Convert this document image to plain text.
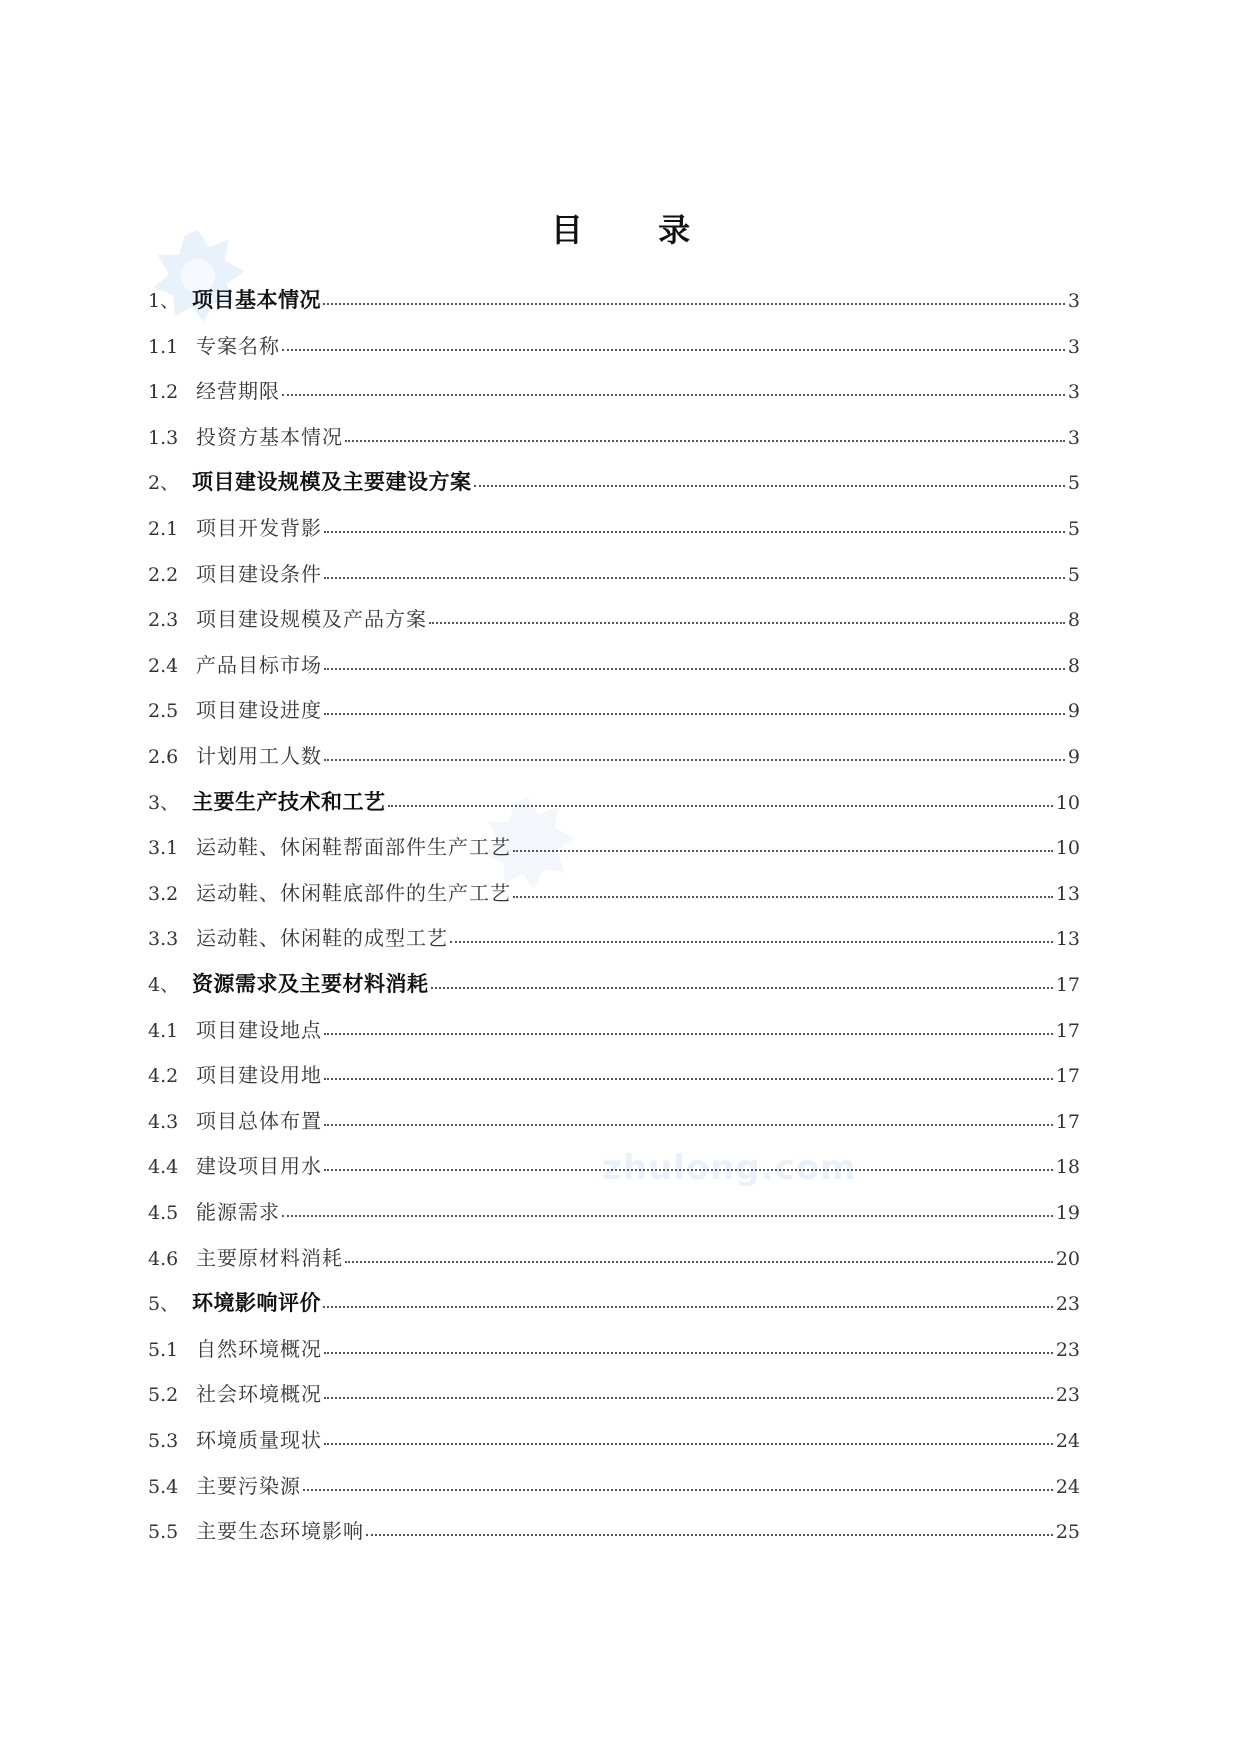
zhulong.com
目 录
1、 项目基本情况	3
1.1 专案名称	3
1.2 经营期限	3
1.3 投资方基本情况	3
2、 项目建设规模及主要建设方案	5
2.1 项目开发背影	5
2.2 项目建设条件	5
2.3 项目建设规模及产品方案	8
2.4 产品目标市场	8
2.5 项目建设进度	9
2.6 计划用工人数	9
3、 主要生产技术和工艺	10
3.1 运动鞋、休闲鞋帮面部件生产工艺	10
3.2 运动鞋、休闲鞋底部件的生产工艺	13
3.3 运动鞋、休闲鞋的成型工艺	13
4、 资源需求及主要材料消耗	17
4.1 项目建设地点	17
4.2 项目建设用地	17
4.3 项目总体布置	17
4.4 建设项目用水	18
4.5 能源需求	19
4.6 主要原材料消耗	20
5、 环境影响评价	23
5.1 自然环境概况	23
5.2 社会环境概况	23
5.3 环境质量现状	24
5.4 主要污染源	24
5.5 主要生态环境影响	25
